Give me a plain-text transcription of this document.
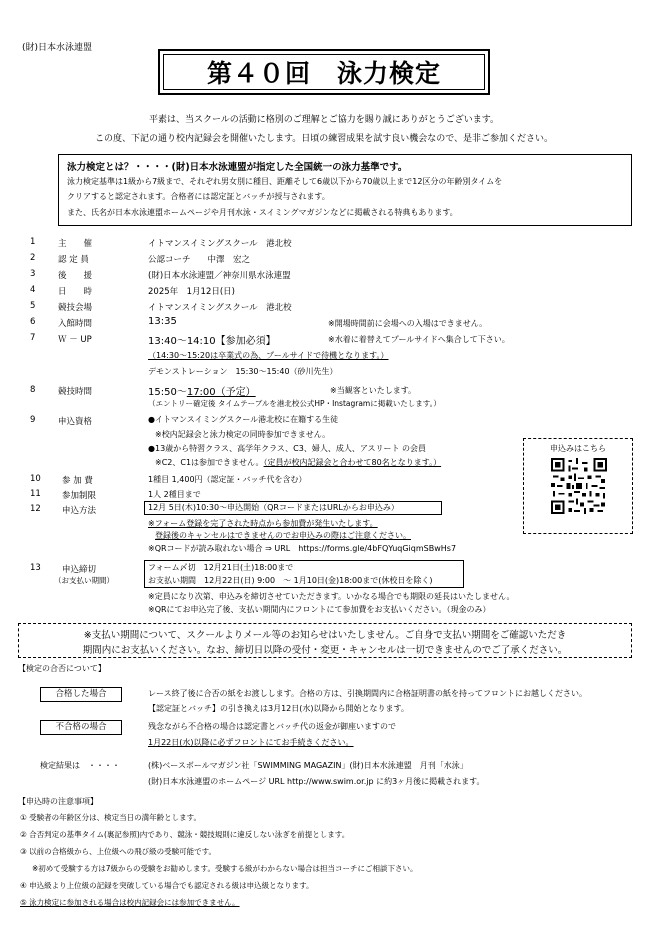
(財)日本水泳連盟
第４０回　泳力検定
平素は、当スクールの活動に格別のご理解とご協力を賜り誠にありがとうございます。
この度、下記の通り校内記録会を開催いたします。日頃の練習成果を試す良い機会なので、是非ご参加ください。
泳力検定とは？・・・・(財)日本水泳連盟が指定した全国統一の泳力基準です。
泳力検定基準は1級から7級まで、それぞれ男女別に種目、距離そして6歳以下から70歳以上まで12区分の年齢別タイムを
クリアすると認定されます。合格者には認定証とバッチが授与されます。
また、氏名が日本水泳連盟ホームページや月刊水泳・スイミングマガジンなどに掲載される特典もあります。
1	主　　催	イトマンスイミングスクール　港北校
2	認 定 員	公認コーチ　　中澤　宏之
3	後　　援	(財)日本水泳連盟／神奈川県水泳連盟
4	日　　時	2025年　1月12日(日)
5	競技会場	イトマンスイミングスクール　港北校
6	入館時間	13:35	※開場時間前に会場への入場はできません。
7	Ｗ － UP	13:40～14:10【参加必須】	※水着に着替えてプールサイドへ集合して下さい。
（14:30～15:20は卒業式の為、プールサイドで待機となります。）
デモンストレーション　15:30～15:40（砂川先生）
8	競技時間	15:50～17:00（予定）	※当観客といたします。
（エントリー確定後 タイムテーブルを港北校公式HP・Instagramに掲載いたします。）
9	申込資格	●イトマンスイミングスクール港北校に在籍する生徒
※校内記録会と泳力検定の同時参加できません。
●13歳から特習クラス、高学年クラス、C3、婦人、成人、アスリート の会員
※C2、C1は参加できません。（定員が校内記録会と合わせて80名となります。）
申込みはこちら
10 参 加 費	1種目 1,400円（認定証・バッチ代を含む）
11 参加制限	1人 2種目まで
12 申込方法	12月 5日(木)10:30～申込開始（QRコードまたはURLからお申込み）
※フォーム登録を完了された時点から参加費が発生いたします。
登録後のキャンセルはできませんのでお申込みの際はご注意ください。
※QRコードが読み取れない場合 ⇒ URL　https://forms.gle/4bFQYuqGiqmSBwHs7
13 申込締切
（お支払い期間）
フォーム〆切　12月21日(土)18:00まで
お支払い期間　12月22日(日) 9:00　～ 1月10日(金)18:00まで(休校日を除く)
※定員になり次第、申込みを締切させていただきます。いかなる場合でも期限の延長はいたしません。
※QRにてお申込完了後、支払い期間内にフロントにて参加費をお支払いください。（現金のみ）
※支払い期間について、スクールよりメール等のお知らせはいたしません。ご自身で支払い期間をご確認いただき
期間内にお支払いください。なお、締切日以降の受付・変更・キャンセルは一切できませんのでご了承ください。
【検定の合否について】
合格した場合	レース終了後に合否の紙をお渡しします。合格の方は、引換期間内に合格証明書の紙を持ってフロントにお越しください。
【認定証とバッチ】の引き換えは3月12日(水)以降から開始となります。
不合格の場合	残念ながら不合格の場合は認定書とバッチ代の返金が御座いますので
1月22日(水)以降に必ずフロントにてお手続きください。
検定結果は　・・・・	(株)ベースボールマガジン社「SWIMMING MAGAZIN」(財)日本水泳連盟　月刊「水泳」
(財)日本水泳連盟のホームページ URL http://www.swim.or.jp に約3ヶ月後に掲載されます。
【申込時の注意事項】
① 受験者の年齢区分は、検定当日の満年齢とします。
② 合否判定の基準タイム(裏記参照)内であり、競泳・競技規則に違反しない泳ぎを前提とします。
③ 以前の合格級から、上位級への飛び級の受験可能です。
※初めて受験する方は7級からの受験をお勧めします。受験する級がわからない場合は担当コーチにご相談下さい。
④ 申込級より上位級の記録を突破している場合でも認定される級は申込級となります。
⑤ 泳力検定に参加される場合は校内記録会には参加できません。
